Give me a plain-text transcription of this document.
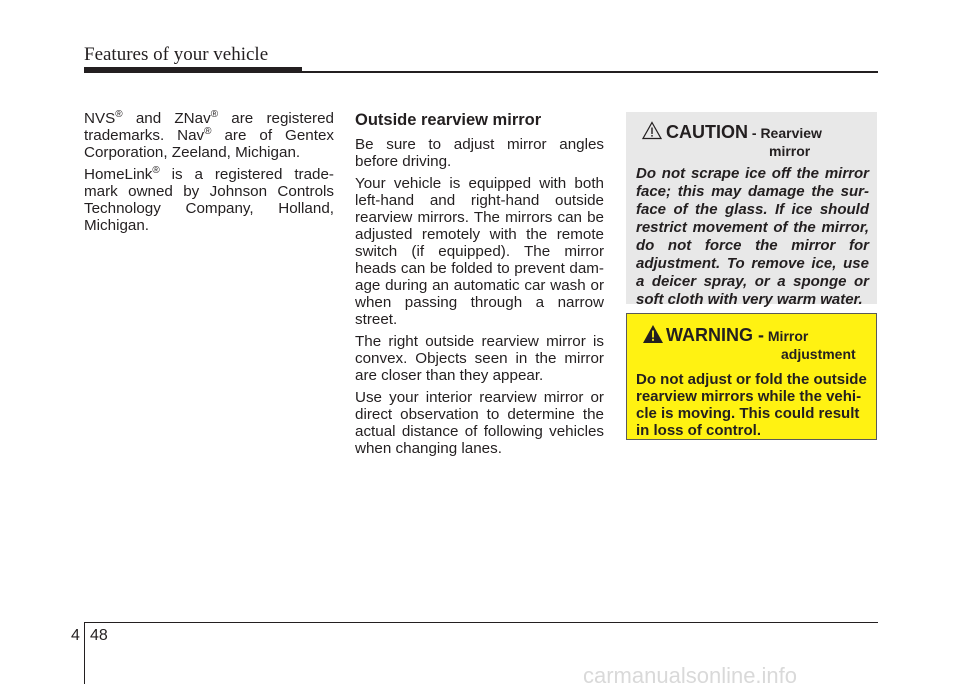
Features of your vehicle

NVS® and ZNav® are registered trademarks. Nav® are of Gentex Corporation, Zeeland, Michigan.

HomeLink® is a registered trade-mark owned by Johnson Controls Technology Company, Holland, Michigan.

Outside rearview mirror

Be sure to adjust mirror angles before driving.

Your vehicle is equipped with both left-hand and right-hand outside rearview mirrors. The mirrors can be adjusted remotely with the remote switch (if equipped). The mirror heads can be folded to prevent dam-age during an automatic car wash or when passing through a narrow street.

The right outside rearview mirror is convex. Objects seen in the mirror are closer than they appear.

Use your interior rearview mirror or direct observation to determine the actual distance of following vehicles when changing lanes.

CAUTION - Rearview
mirror
Do not scrape ice off the mirror face; this may damage the sur-face of the glass. If ice should restrict movement of the mirror, do not force the mirror for adjustment. To remove ice, use a deicer spray, or a sponge or soft cloth with very warm water.
WARNING - Mirror
adjustment
Do not adjust or fold the outside rearview mirrors while the vehi-cle is moving. This could result in loss of control.
4 48
carmanualsonline.info
